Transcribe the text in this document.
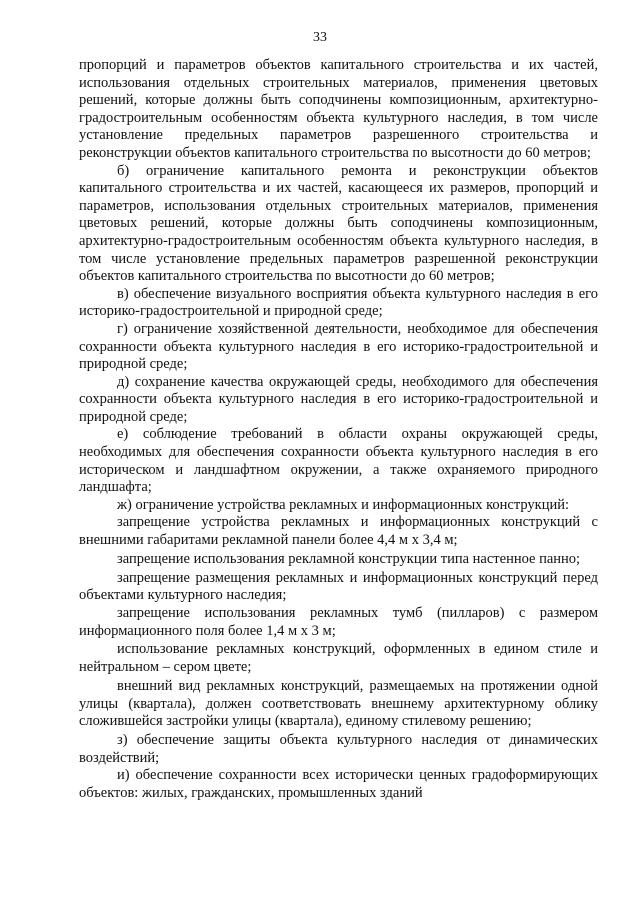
33

пропорций и параметров объектов капитального строительства и их частей, использования отдельных строительных материалов, применения цветовых решений, которые должны быть соподчинены композиционным, архитектурно-градостроительным особенностям объекта культурного наследия, в том числе установление предельных параметров разрешенного строительства и реконструкции объектов капитального строительства по высотности до 60 метров;

б) ограничение капитального ремонта и реконструкции объектов капитального строительства и их частей, касающееся их размеров, пропорций и параметров, использования отдельных строительных материалов, применения цветовых решений, которые должны быть соподчинены композиционным, архитектурно-градостроительным особенностям объекта культурного наследия, в том числе установление предельных параметров разрешенной реконструкции объектов капитального строительства по высотности до 60 метров;

в) обеспечение визуального восприятия объекта культурного наследия в его историко-градостроительной и природной среде;

г) ограничение хозяйственной деятельности, необходимое для обеспечения сохранности объекта культурного наследия в его историко-градостроительной и природной среде;

д) сохранение качества окружающей среды, необходимого для обеспечения сохранности объекта культурного наследия в его историко-градостроительной и природной среде;

е) соблюдение требований в области охраны окружающей среды, необходимых для обеспечения сохранности объекта культурного наследия в его историческом и ландшафтном окружении, а также охраняемого природного ландшафта;

ж) ограничение устройства рекламных и информационных конструкций:

запрещение устройства рекламных и информационных конструкций с внешними габаритами рекламной панели более 4,4 м х 3,4 м;

запрещение использования рекламной конструкции типа настенное панно;

запрещение размещения рекламных и информационных конструкций перед объектами культурного наследия;

запрещение использования рекламных тумб (пилларов) с размером информационного поля более 1,4 м х 3 м;

использование рекламных конструкций, оформленных в едином стиле и нейтральном – сером цвете;

внешний вид рекламных конструкций, размещаемых на протяжении одной улицы (квартала), должен соответствовать внешнему архитектурному облику сложившейся застройки улицы (квартала), единому стилевому решению;

з) обеспечение защиты объекта культурного наследия от динамических воздействий;

и) обеспечение сохранности всех исторически ценных градоформирующих объектов: жилых, гражданских, промышленных зданий
